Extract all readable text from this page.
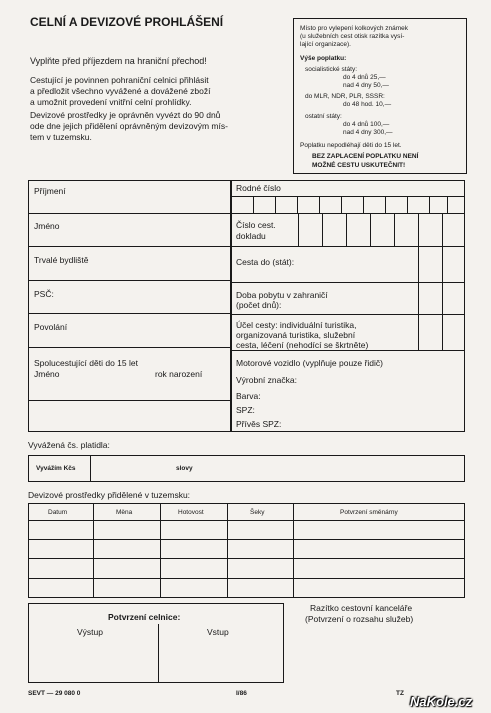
CELNÍ A DEVIZOVÉ PROHLÁŠENÍ
Vyplňte před příjezdem na hraniční přechod!
Cestující je povinnen pohraniční celnici přihlásit
a předložit všechno vyvážené a dovážené zboží
a umožnit provedení vnitřní celní prohlídky.
Devizové prostředky je oprávněn vyvézt do 90 dnů
ode dne jejich přidělení oprávněným devizovým mís-
tem v tuzemsku.
Místo pro vylepení kolkových známek
(u služebních cest otisk razítka vysí-
lající organizace).
Výše poplatku:
socialistické státy:
do 4 dnů 25,—
nad 4 dny 50,—
do MLR, NDR, PLR, SSSR:
do 48 hod. 10,—
ostatní státy:
do 4 dnů 100,—
nad 4 dny 300,—
Poplatku nepodléhají děti do 15 let.
BEZ ZAPLACENÍ POPLATKU NENÍ
MOŽNÉ CESTU USKUTEČNIT!
Příjmení
Jméno
Trvalé bydliště
PSČ:
Povolání
Spolucestující děti do 15 let
Jméno	rok narození
Rodné číslo
Číslo cest.
dokladu
Cesta do (stát):
Doba pobytu v zahraničí
(počet dnů):
Účel cesty: individuální turistika,
organizovaná turistika, služební
cesta, léčení (nehodící se škrtněte)
Motorové vozidlo (vyplňuje pouze řidič)
Výrobní značka:
Barva:
SPZ:
Přívěs SPZ:
Vyvážená čs. platidla:
Vyvážím Kčs	slovy
Devizové prostředky přidělené v tuzemsku:
Datum	Měna	Hotovost	Šeky	Potvrzení směnárny
Potvrzení celnice:
Výstup	Vstup
Razítko cestovní kanceláře
(Potvrzení o rozsahu služeb)
SEVT — 29 080 0	I/86	TZ
NaKole.cz
